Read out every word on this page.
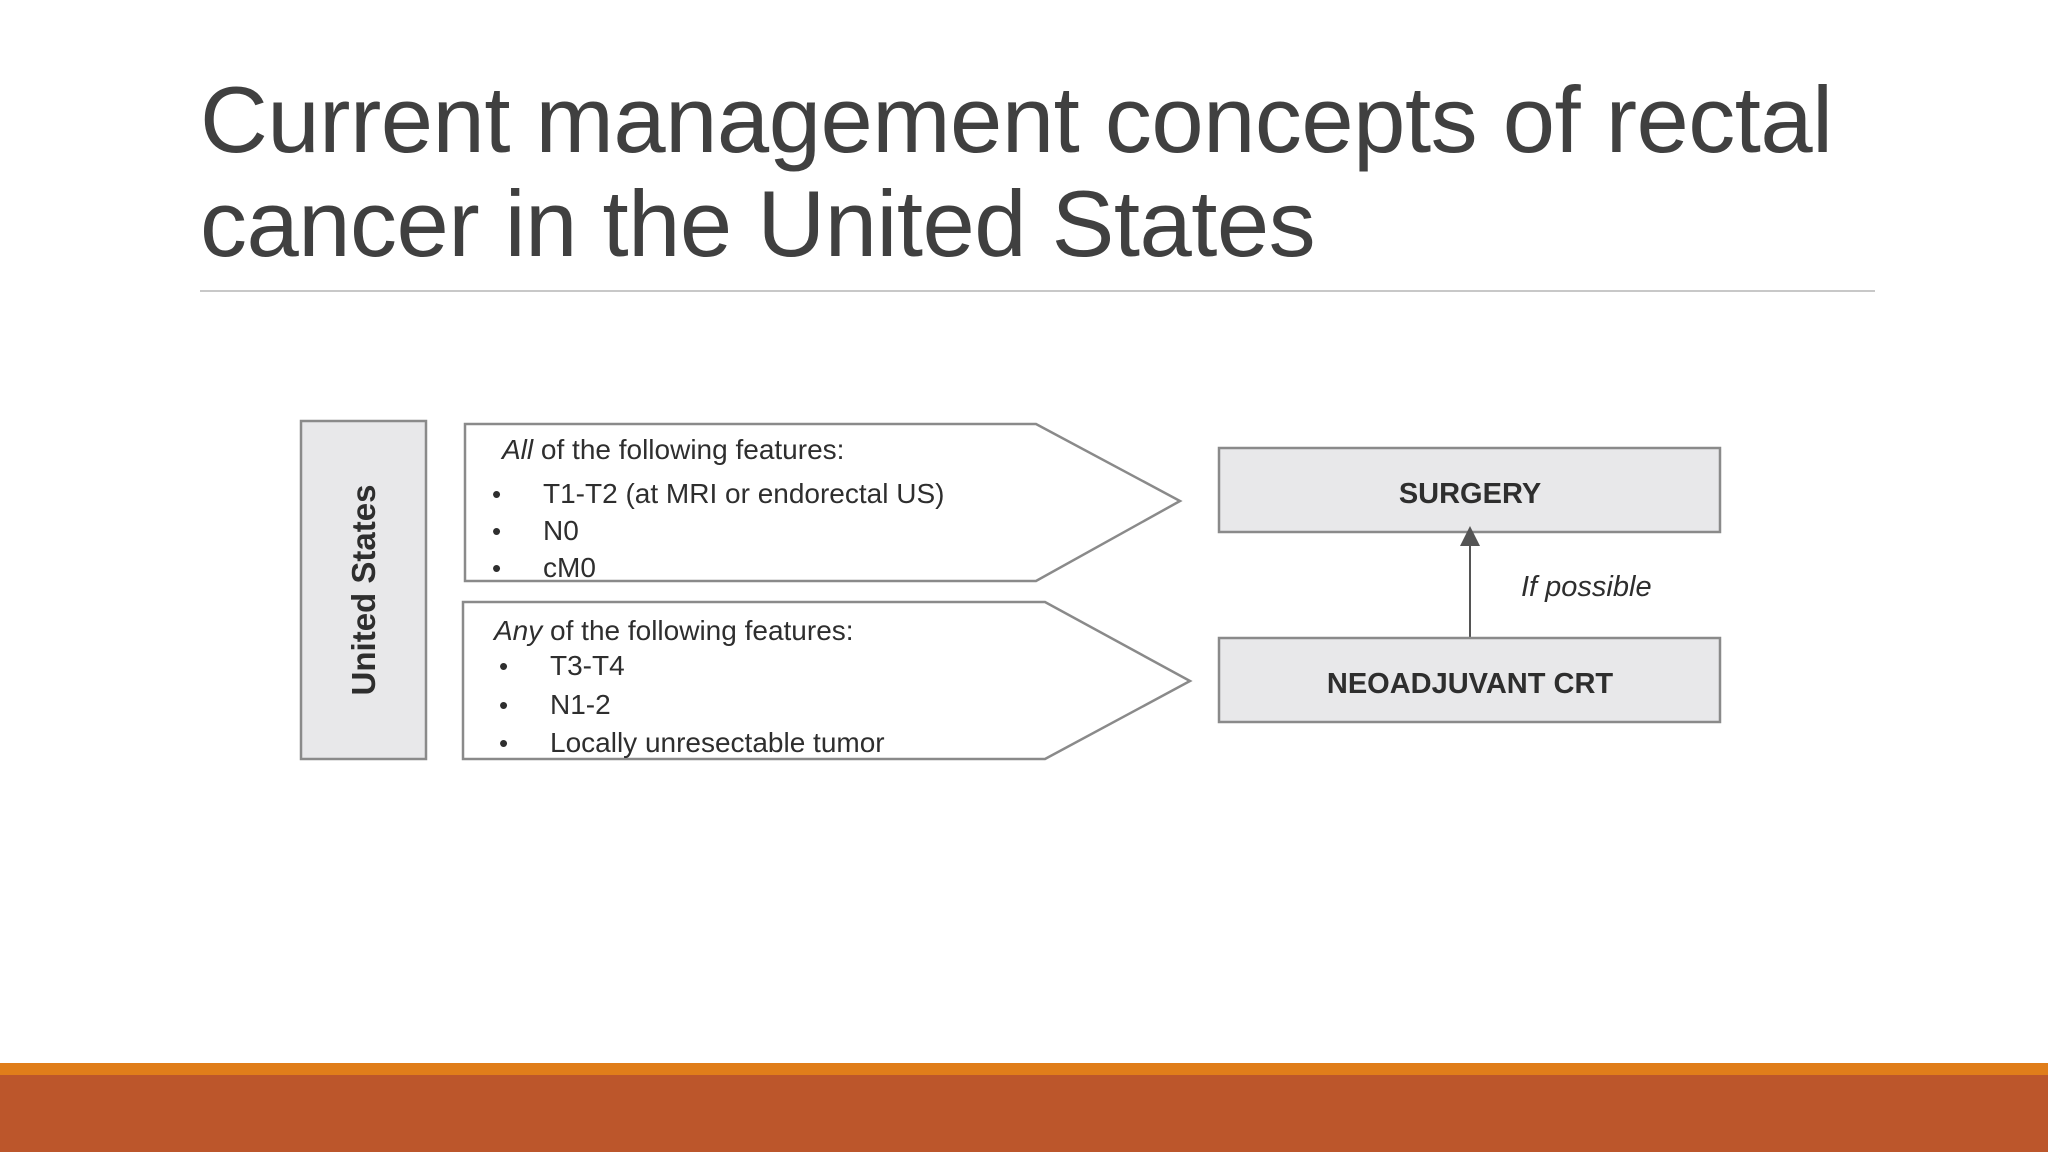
Current management concepts of rectal
cancer in the United States
United States
All of the following features:
• T1-T2 (at MRI or endorectal US)
• N0
• cM0
Any of the following features:
• T3-T4
• N1-2
• Locally unresectable tumor
SURGERY
If possible
NEOADJUVANT CRT
